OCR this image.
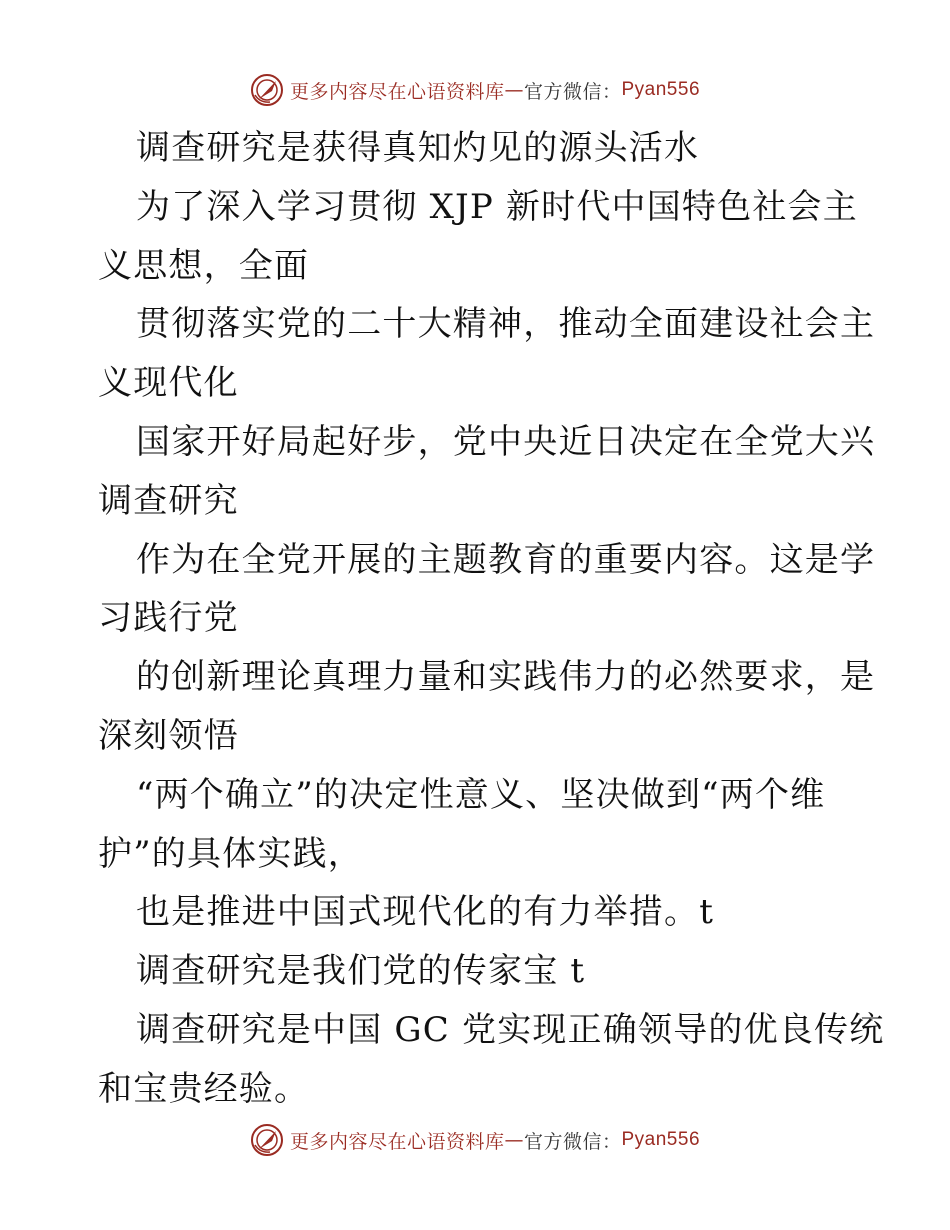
更多内容尽在心语资料库 — 官方微信： Pyan556
调查研究是获得真知灼见的源头活水
为了深入学习贯彻 XJP 新时代中国特色社会主
义思想，全面
贯彻落实党的二十大精神，推动全面建设社会主
义现代化
国家开好局起好步，党中央近日决定在全党大兴
调查研究
作为在全党开展的主题教育的重要内容。这是学
习践行党
的创新理论真理力量和实践伟力的必然要求，是
深刻领悟
“两个确立”的决定性意义、坚决做到“两个维
护”的具体实践，
也是推进中国式现代化的有力举措。t
调查研究是我们党的传家宝 t
调查研究是中国 GC 党实现正确领导的优良传统
和宝贵经验。
更多内容尽在心语资料库 — 官方微信： Pyan556
